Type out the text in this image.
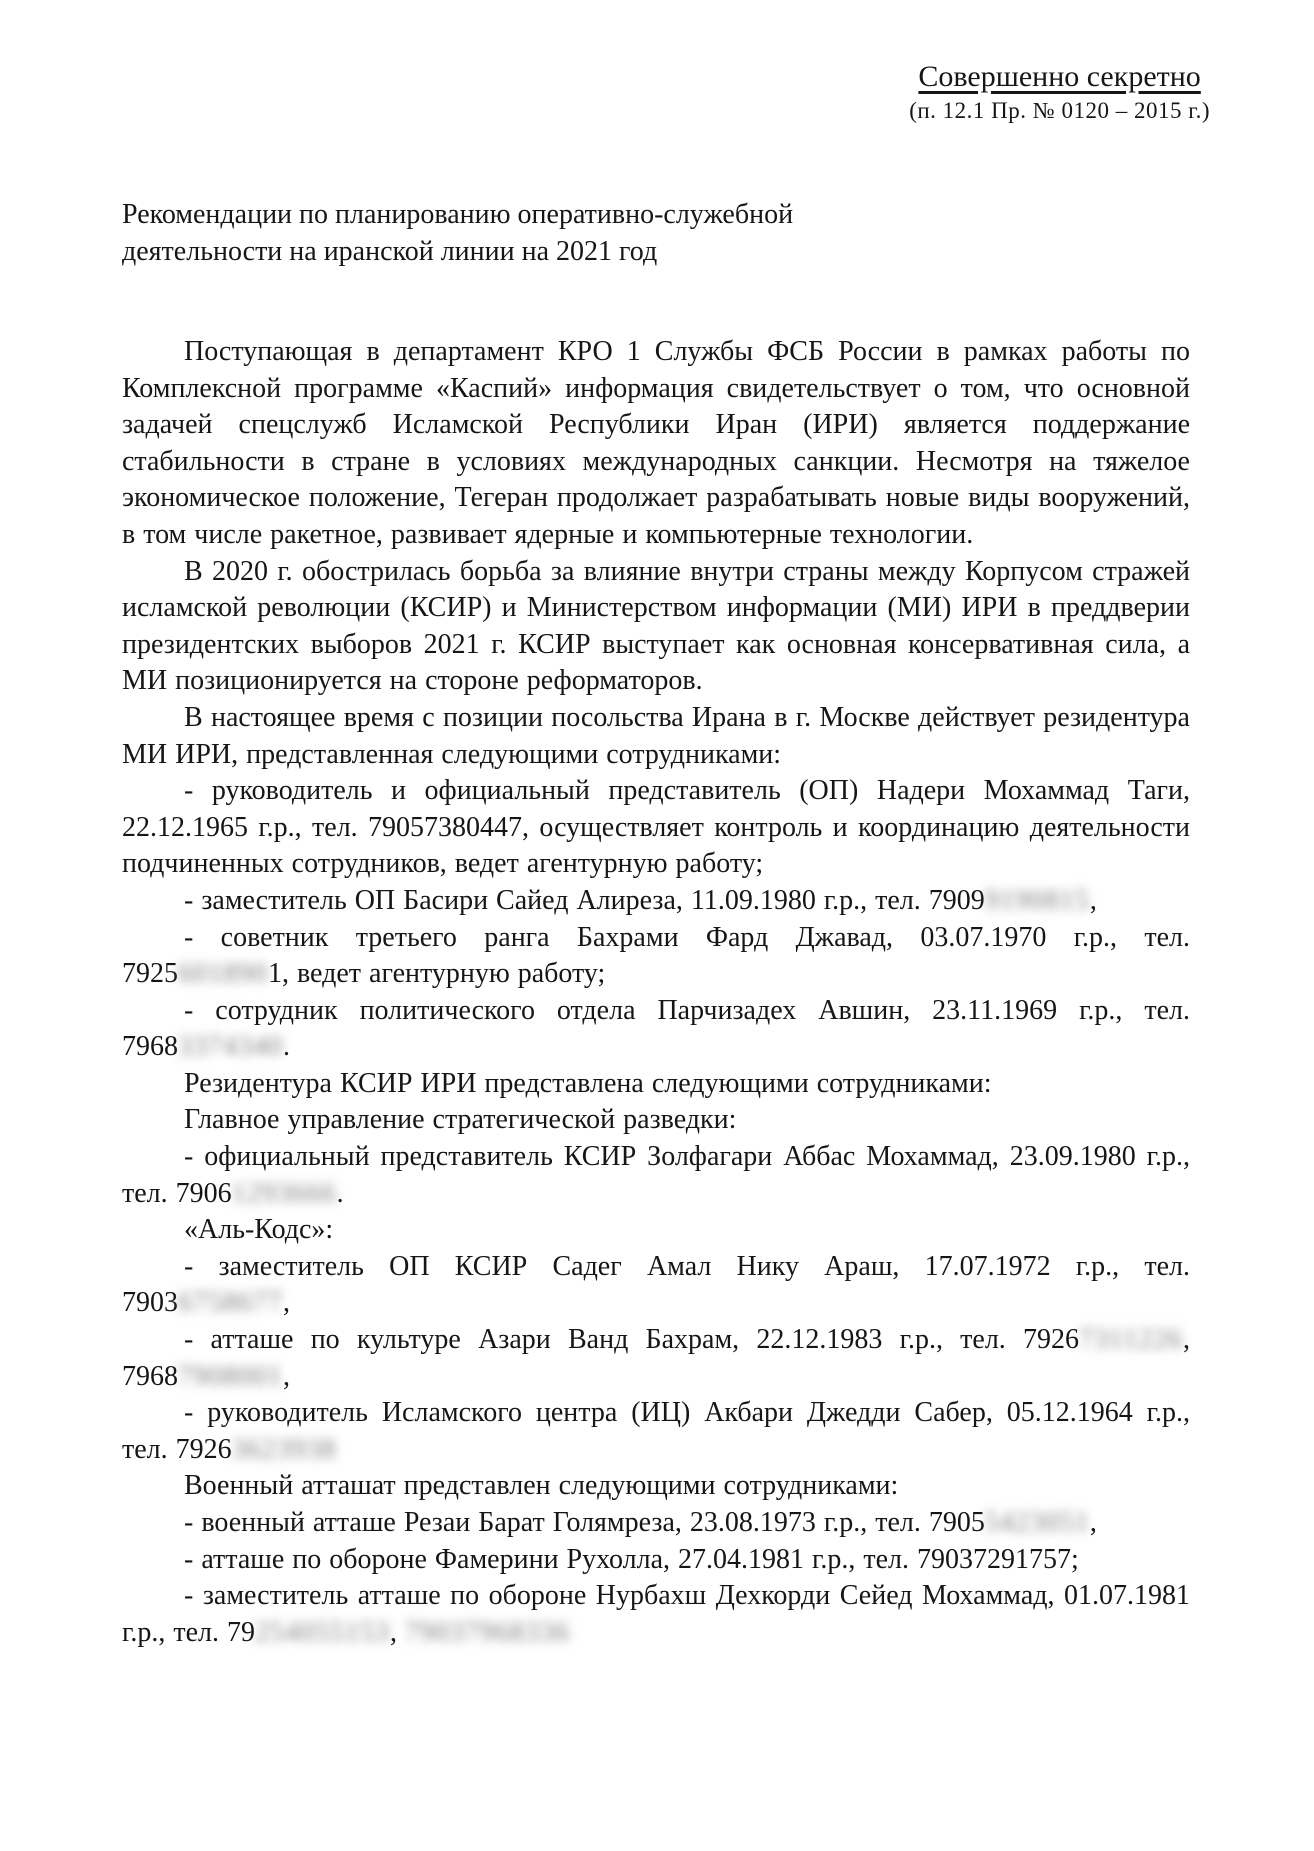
Совершенно секретно
(п. 12.1 Пр. № 0120 – 2015 г.)
Рекомендации по планированию оперативно-служебной
деятельности на иранской линии на 2021 год

Поступающая в департамент КРО 1 Службы ФСБ России в рамках работы по Комплексной программе «Каспий» информация свидетельствует о том, что основной задачей спецслужб Исламской Республики Иран (ИРИ) является поддержание стабильности в стране в условиях международных санкции. Несмотря на тяжелое экономическое положение, Тегеран продолжает разрабатывать новые виды вооружений, в том числе ракетное, развивает ядерные и компьютерные технологии.

В 2020 г. обострилась борьба за влияние внутри страны между Корпусом стражей исламской революции (КСИР) и Министерством информации (МИ) ИРИ в преддверии президентских выборов 2021 г. КСИР выступает как основная консервативная сила, а МИ позиционируется на стороне реформаторов.

В настоящее время с позиции посольства Ирана в г. Москве действует резидентура МИ ИРИ, представленная следующими сотрудниками:

- руководитель и официальный представитель (ОП) Надери Мохаммад Таги, 22.12.1965 г.р., тел. 79057380447, осуществляет контроль и координацию деятельности подчиненных сотрудников, ведет агентурную работу;

- заместитель ОП Басири Сайед Алиреза, 11.09.1980 г.р., тел. 79099190815,

- советник третьего ранга Бахрами Фард Джавад, 03.07.1970 г.р., тел. 79256018901, ведет агентурную работу;

- сотрудник политического отдела Парчизадех Авшин, 23.11.1969 г.р., тел. 79683374340.

Резидентура КСИР ИРИ представлена следующими сотрудниками:

Главное управление стратегической разведки:

- официальный представитель КСИР Золфагари Аббас Мохаммад, 23.09.1980 г.р., тел. 79061293666.

«Аль-Кодс»:

- заместитель ОП КСИР Садег Амал Нику Араш, 17.07.1972 г.р., тел. 79036758677,

- атташе по культуре Азари Ванд Бахрам, 22.12.1983 г.р., тел. 79267311226, 79687908001,

- руководитель Исламского центра (ИЦ) Акбари Джедди Сабер, 05.12.1964 г.р., тел. 79263623938

Военный атташат представлен следующими сотрудниками:

- военный атташе Резаи Барат Голямреза, 23.08.1973 г.р., тел. 79055423051,

- атташе по обороне Фамерини Рухолла, 27.04.1981 г.р., тел. 79037291757;

- заместитель атташе по обороне Нурбахш Дехкорди Сейед Мохаммад, 01.07.1981 г.р., тел. 79254055153, 79037968336
